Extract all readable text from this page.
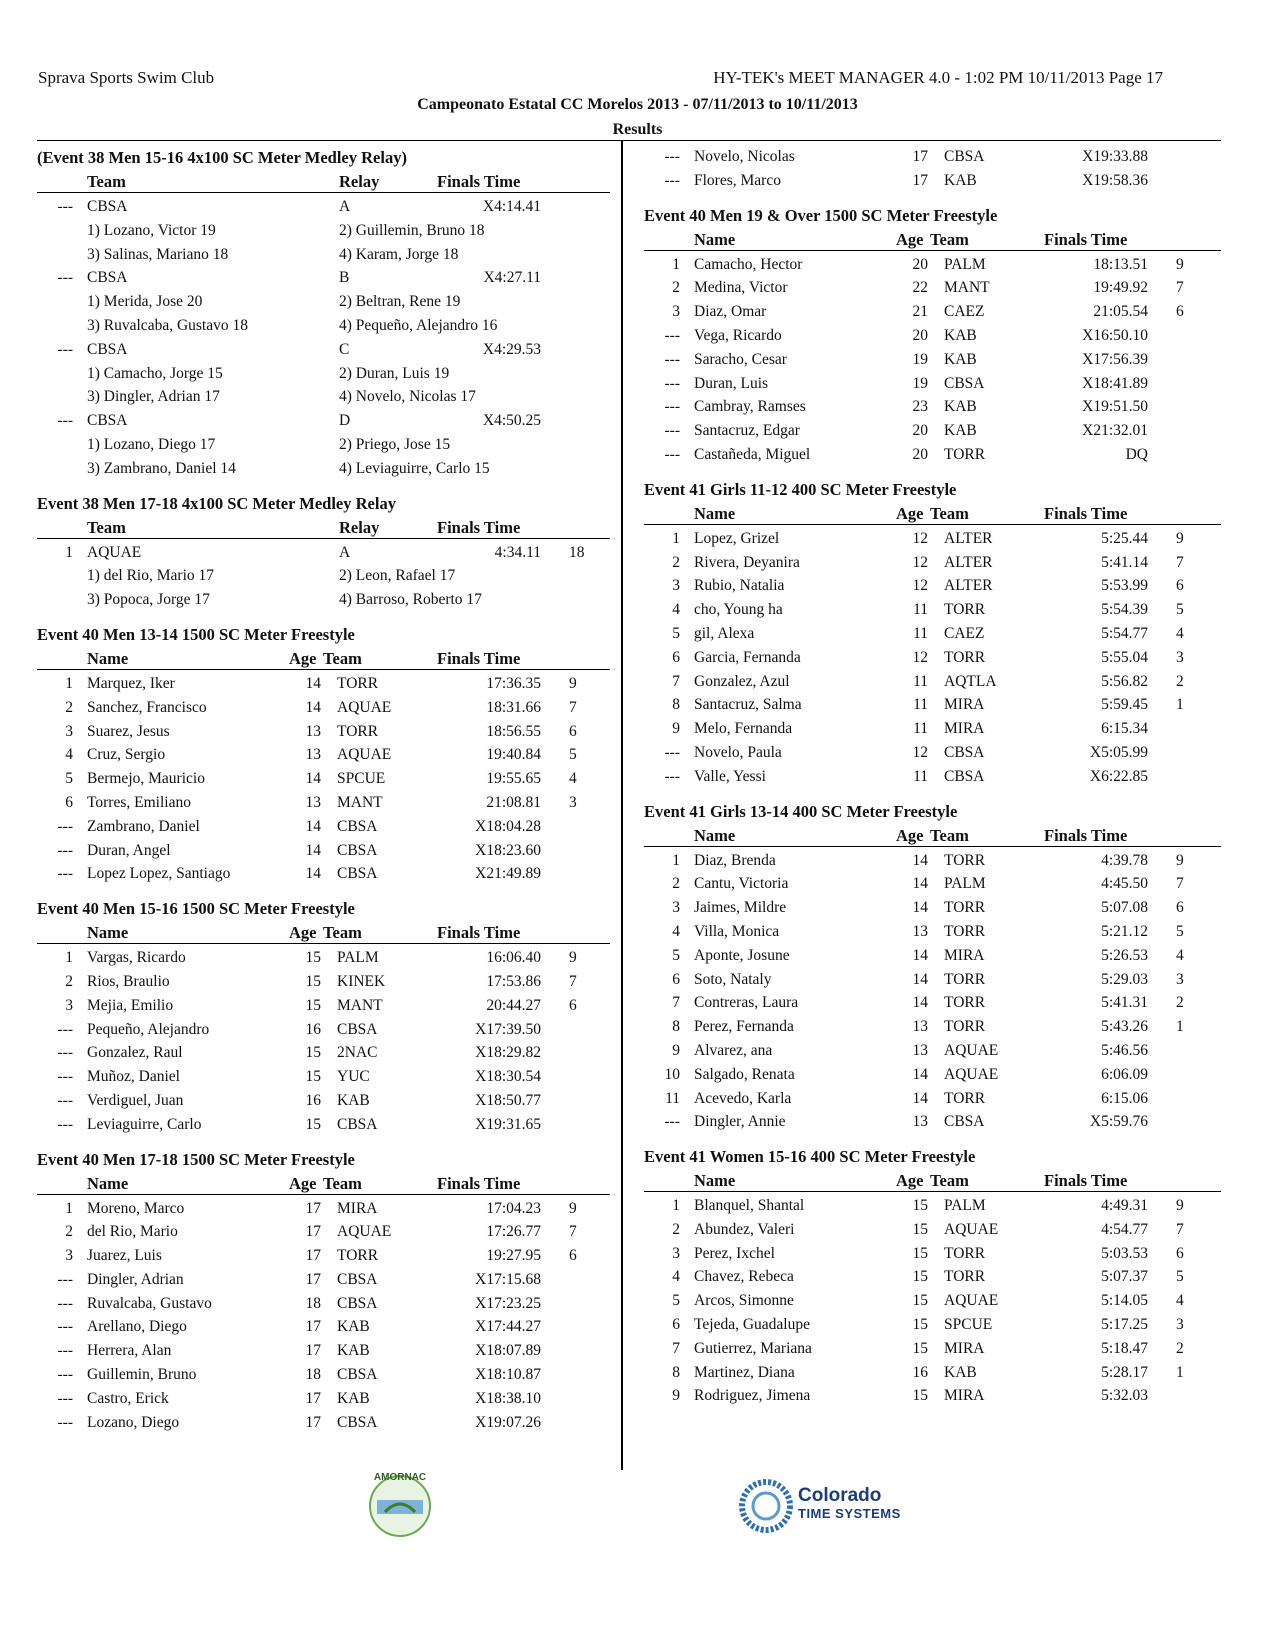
Sprava Sports Swim Club	HY-TEK's MEET MANAGER 4.0 - 1:02 PM 10/11/2013 Page 17
Campeonato Estatal CC Morelos 2013 - 07/11/2013 to 10/11/2013
Results
(Event 38 Men 15-16 4x100 SC Meter Medley Relay)
Team	Relay	Finals Time
--- CBSA	A	X4:14.41
1) Lozano, Victor 19	2) Guillemin, Bruno 18
3) Salinas, Mariano 18	4) Karam, Jorge 18
--- CBSA	B	X4:27.11
1) Merida, Jose 20	2) Beltran, Rene 19
3) Ruvalcaba, Gustavo 18	4) Pequeño, Alejandro 16
--- CBSA	C	X4:29.53
1) Camacho, Jorge 15	2) Duran, Luis 19
3) Dingler, Adrian 17	4) Novelo, Nicolas 17
--- CBSA	D	X4:50.25
1) Lozano, Diego 17	2) Priego, Jose 15
3) Zambrano, Daniel 14	4) Leviaguirre, Carlo 15
Event 38 Men 17-18 4x100 SC Meter Medley Relay
Team	Relay	Finals Time
1 AQUAE	A	4:34.11 18
1) del Rio, Mario 17	2) Leon, Rafael 17
3) Popoca, Jorge 17	4) Barroso, Roberto 17
Event 40 Men 13-14 1500 SC Meter Freestyle
Name	Age Team	Finals Time
1 Marquez, Iker	14 TORR	17:36.35 9
2 Sanchez, Francisco	14 AQUAE	18:31.66 7
3 Suarez, Jesus	13 TORR	18:56.55 6
4 Cruz, Sergio	13 AQUAE	19:40.84 5
5 Bermejo, Mauricio	14 SPCUE	19:55.65 4
6 Torres, Emiliano	13 MANT	21:08.81 3
--- Zambrano, Daniel	14 CBSA	X18:04.28
--- Duran, Angel	14 CBSA	X18:23.60
--- Lopez Lopez, Santiago	14 CBSA	X21:49.89
Event 40 Men 15-16 1500 SC Meter Freestyle
Name	Age Team	Finals Time
1 Vargas, Ricardo	15 PALM	16:06.40 9
2 Rios, Braulio	15 KINEK	17:53.86 7
3 Mejia, Emilio	15 MANT	20:44.27 6
--- Pequeño, Alejandro	16 CBSA	X17:39.50
--- Gonzalez, Raul	15 2NAC	X18:29.82
--- Muñoz, Daniel	15 YUC	X18:30.54
--- Verdiguel, Juan	16 KAB	X18:50.77
--- Leviaguirre, Carlo	15 CBSA	X19:31.65
Event 40 Men 17-18 1500 SC Meter Freestyle
Name	Age Team	Finals Time
1 Moreno, Marco	17 MIRA	17:04.23 9
2 del Rio, Mario	17 AQUAE	17:26.77 7
3 Juarez, Luis	17 TORR	19:27.95 6
--- Dingler, Adrian	17 CBSA	X17:15.68
--- Ruvalcaba, Gustavo	18 CBSA	X17:23.25
--- Arellano, Diego	17 KAB	X17:44.27
--- Herrera, Alan	17 KAB	X18:07.89
--- Guillemin, Bruno	18 CBSA	X18:10.87
--- Castro, Erick	17 KAB	X18:38.10
--- Lozano, Diego	17 CBSA	X19:07.26
--- Novelo, Nicolas	17 CBSA	X19:33.88
--- Flores, Marco	17 KAB	X19:58.36
Event 40 Men 19 & Over 1500 SC Meter Freestyle
Name	Age Team	Finals Time
1 Camacho, Hector	20 PALM	18:13.51 9
2 Medina, Victor	22 MANT	19:49.92 7
3 Diaz, Omar	21 CAEZ	21:05.54 6
--- Vega, Ricardo	20 KAB	X16:50.10
--- Saracho, Cesar	19 KAB	X17:56.39
--- Duran, Luis	19 CBSA	X18:41.89
--- Cambray, Ramses	23 KAB	X19:51.50
--- Santacruz, Edgar	20 KAB	X21:32.01
--- Castañeda, Miguel	20 TORR	DQ
Event 41 Girls 11-12 400 SC Meter Freestyle
Name	Age Team	Finals Time
1 Lopez, Grizel	12 ALTER	5:25.44 9
2 Rivera, Deyanira	12 ALTER	5:41.14 7
3 Rubio, Natalia	12 ALTER	5:53.99 6
4 cho, Young ha	11 TORR	5:54.39 5
5 gil, Alexa	11 CAEZ	5:54.77 4
6 Garcia, Fernanda	12 TORR	5:55.04 3
7 Gonzalez, Azul	11 AQTLA	5:56.82 2
8 Santacruz, Salma	11 MIRA	5:59.45 1
9 Melo, Fernanda	11 MIRA	6:15.34
--- Novelo, Paula	12 CBSA	X5:05.99
--- Valle, Yessi	11 CBSA	X6:22.85
Event 41 Girls 13-14 400 SC Meter Freestyle
Name	Age Team	Finals Time
1 Diaz, Brenda	14 TORR	4:39.78 9
2 Cantu, Victoria	14 PALM	4:45.50 7
3 Jaimes, Mildre	14 TORR	5:07.08 6
4 Villa, Monica	13 TORR	5:21.12 5
5 Aponte, Josune	14 MIRA	5:26.53 4
6 Soto, Nataly	14 TORR	5:29.03 3
7 Contreras, Laura	14 TORR	5:41.31 2
8 Perez, Fernanda	13 TORR	5:43.26 1
9 Alvarez, ana	13 AQUAE	5:46.56
10 Salgado, Renata	14 AQUAE	6:06.09
11 Acevedo, Karla	14 TORR	6:15.06
--- Dingler, Annie	13 CBSA	X5:59.76
Event 41 Women 15-16 400 SC Meter Freestyle
Name	Age Team	Finals Time
1 Blanquel, Shantal	15 PALM	4:49.31 9
2 Abundez, Valeri	15 AQUAE	4:54.77 7
3 Perez, Ixchel	15 TORR	5:03.53 6
4 Chavez, Rebeca	15 TORR	5:07.37 5
5 Arcos, Simonne	15 AQUAE	5:14.05 4
6 Tejeda, Guadalupe	15 SPCUE	5:17.25 3
7 Gutierrez, Mariana	15 MIRA	5:18.47 2
8 Martinez, Diana	16 KAB	5:28.17 1
9 Rodriguez, Jimena	15 MIRA	5:32.03
AMORNAC
Colorado
TIME SYSTEMS
